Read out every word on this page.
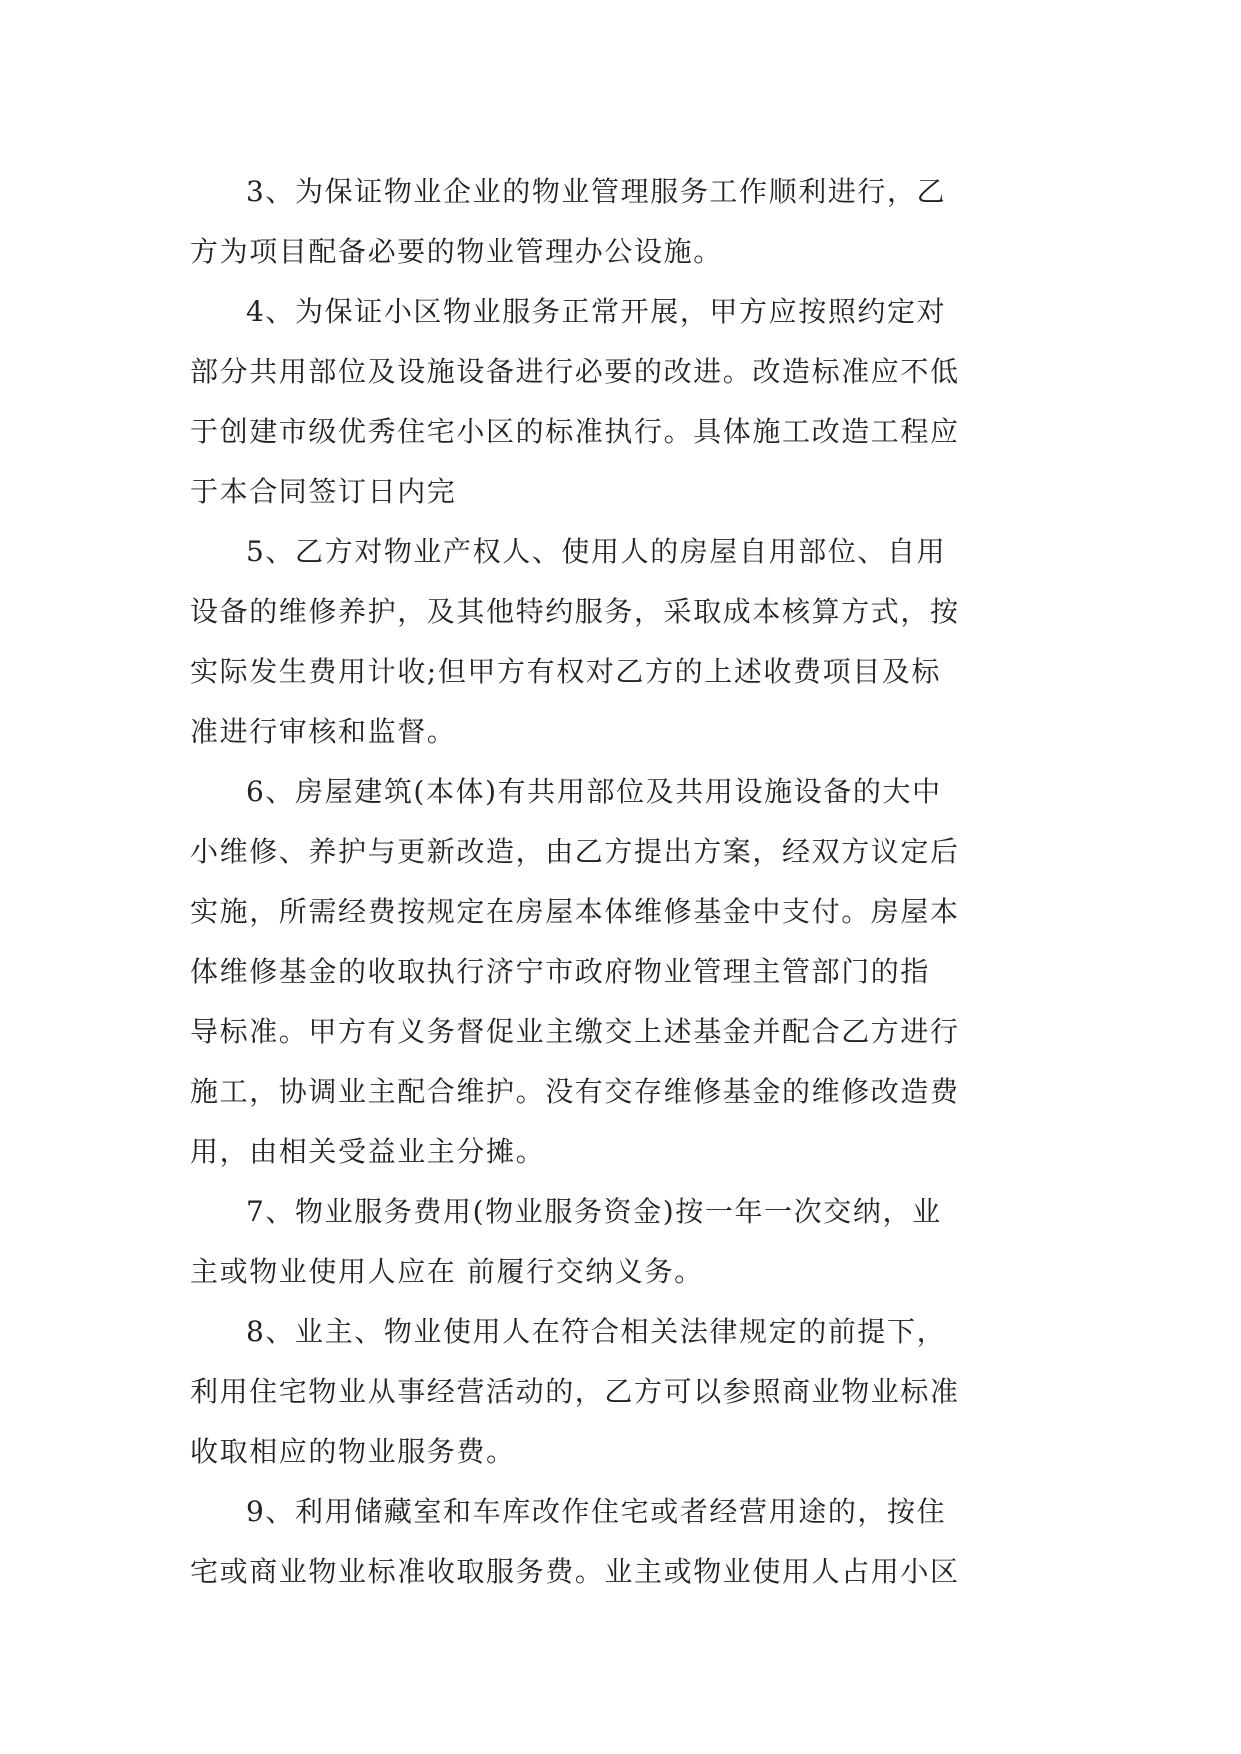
3、为保证物业企业的物业管理服务工作顺利进行，乙
方为项目配备必要的物业管理办公设施。

4、为保证小区物业服务正常开展，甲方应按照约定对
部分共用部位及设施设备进行必要的改进。改造标准应不低
于创建市级优秀住宅小区的标准执行。具体施工改造工程应
于本合同签订日内完

5、乙方对物业产权人、使用人的房屋自用部位、自用
设备的维修养护，及其他特约服务，采取成本核算方式，按
实际发生费用计收;但甲方有权对乙方的上述收费项目及标
准进行审核和监督。

6、房屋建筑(本体)有共用部位及共用设施设备的大中
小维修、养护与更新改造，由乙方提出方案，经双方议定后
实施，所需经费按规定在房屋本体维修基金中支付。房屋本
体维修基金的收取执行济宁市政府物业管理主管部门的指
导标准。甲方有义务督促业主缴交上述基金并配合乙方进行
施工，协调业主配合维护。没有交存维修基金的维修改造费
用，由相关受益业主分摊。

7、物业服务费用(物业服务资金)按一年一次交纳，业
主或物业使用人应在 前履行交纳义务。

8、业主、物业使用人在符合相关法律规定的前提下，
利用住宅物业从事经营活动的，乙方可以参照商业物业标准
收取相应的物业服务费。

9、利用储藏室和车库改作住宅或者经营用途的，按住
宅或商业物业标准收取服务费。业主或物业使用人占用小区
